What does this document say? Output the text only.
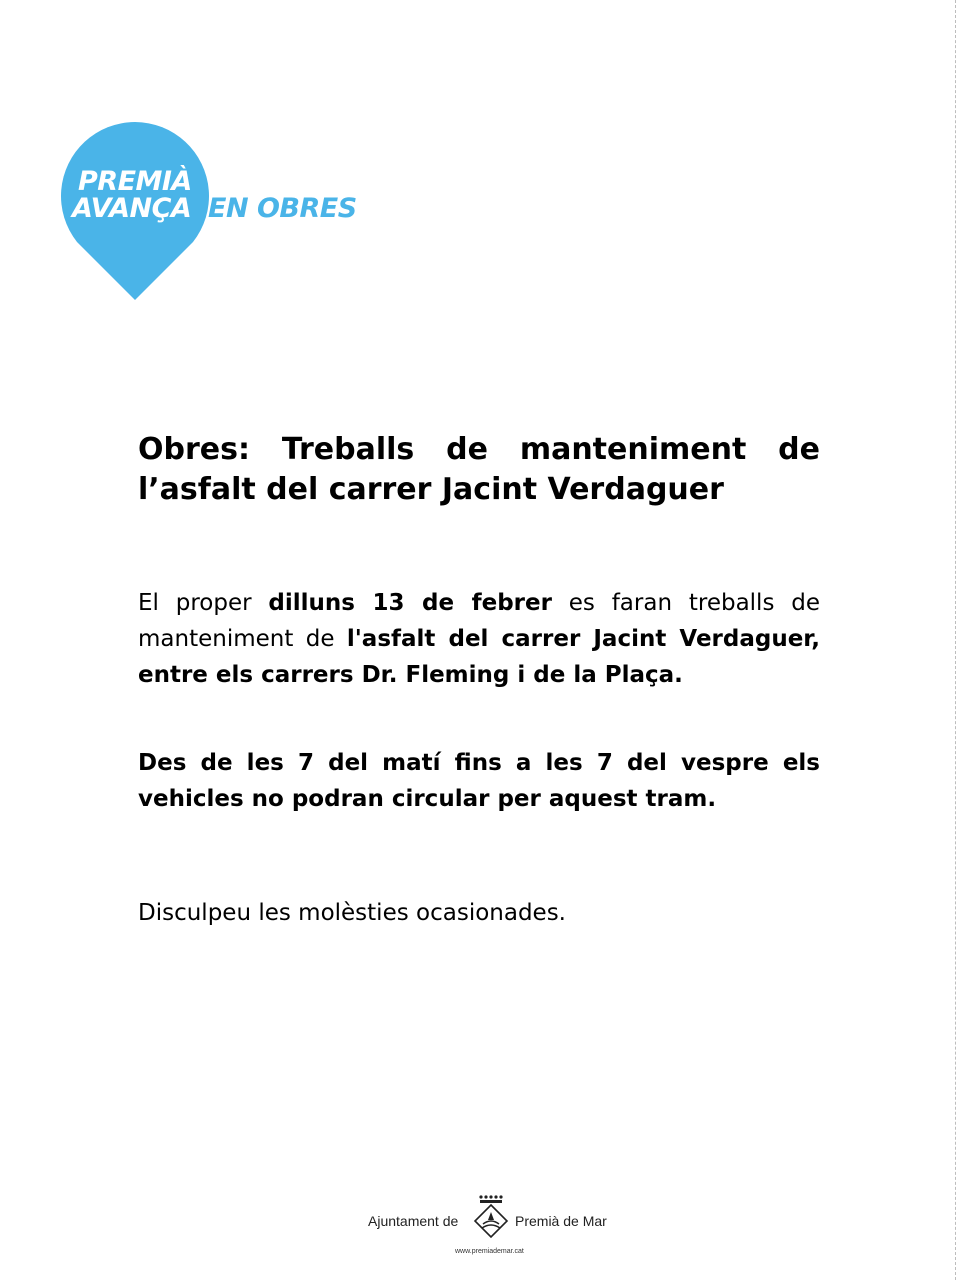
PREMIÀ
AVANÇA EN OBRES
Obres: Treballs de manteniment de l’asfalt del carrer Jacint Verdaguer

El proper dilluns 13 de febrer es faran treballs de manteniment de l'asfalt del carrer Jacint Verdaguer, entre els carrers Dr. Fleming i de la Plaça.

Des de les 7 del matí fins a les 7 del vespre els vehicles no podran circular per aquest tram.

Disculpeu les molèsties ocasionades.

Ajuntament de	Premià de Mar
www.premiademar.cat
